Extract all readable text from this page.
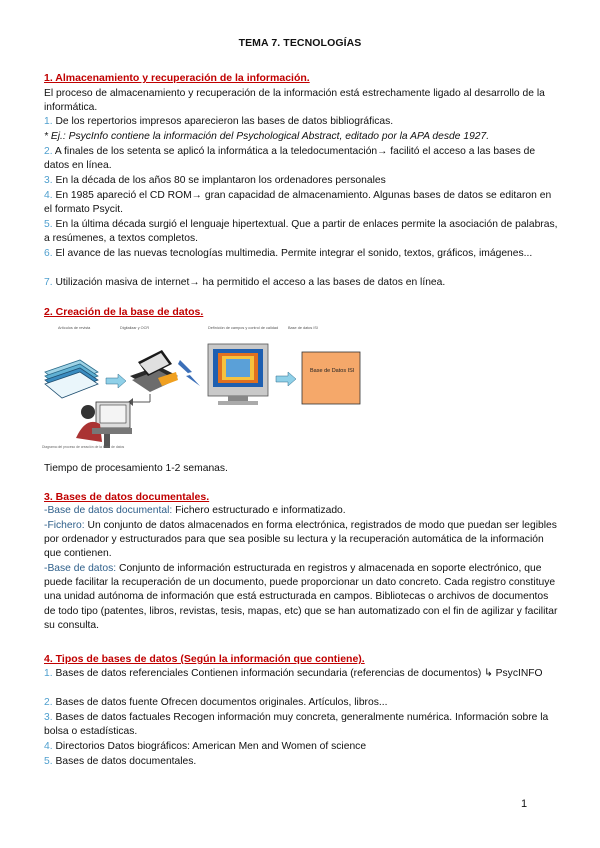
TEMA 7. TECNOLOGÍAS
1. Almacenamiento y recuperación de la información.
El proceso de almacenamiento y recuperación de la información está estrechamente ligado al desarrollo de la informática.
1. De los repertorios impresos aparecieron las bases de datos bibliográficas.
* Ej.: PsycInfo contiene la información del Psychological Abstract, editado por la APA desde 1927.
2. A finales de los setenta se aplicó la informática a la teledocumentación→ facilitó el acceso a las bases de datos en línea.
3. En la década de los años 80 se implantaron los ordenadores personales
4. En 1985 apareció el CD ROM→ gran capacidad de almacenamiento. Algunas bases de datos se editaron en el formato Psycit.
5. En la última década surgió el lenguaje hipertextual. Que a partir de enlaces permite la asociación de palabras, a resúmenes, a textos completos.
6. El avance de las nuevas tecnologías multimedia. Permite integrar el sonido, textos, gráficos, imágenes...
7. Utilización masiva de internet→ ha permitido el acceso a las bases de datos en línea.
2. Creación de la base de datos.
Artículos de revista	Digitalizar y OCR	Definición de campos y control de calidad	Base de datos ISI
Base de Datos ISI
Diagrama del proceso de creación de la base de datos
Tiempo de procesamiento 1-2 semanas.
3. Bases de datos documentales.
-Base de datos documental: Fichero estructurado e informatizado.
-Fichero: Un conjunto de datos almacenados en forma electrónica, registrados de modo que puedan ser legibles por ordenador y estructurados para que sea posible su lectura y la recuperación automática de la información que contienen.
-Base de datos: Conjunto de información estructurada en registros y almacenada en soporte electrónico, que puede facilitar la recuperación de un documento, puede proporcionar un dato concreto. Cada registro constituye una unidad autónoma de información que está estructurada en campos. Bibliotecas o archivos de documentos de todo tipo (patentes, libros, revistas, tesis, mapas, etc) que se han automatizado con el fin de agilizar y facilitar su consulta.
4. Tipos de bases de datos (Según la información que contiene).
1. Bases de datos referenciales Contienen información secundaria (referencias de documentos) ↳ PsycINFO
2. Bases de datos fuente Ofrecen documentos originales. Artículos, libros...
3. Bases de datos factuales Recogen información muy concreta, generalmente numérica. Información sobre la bolsa o estadísticas.
4. Directorios Datos biográficos: American Men and Women of science
5. Bases de datos documentales.
1
